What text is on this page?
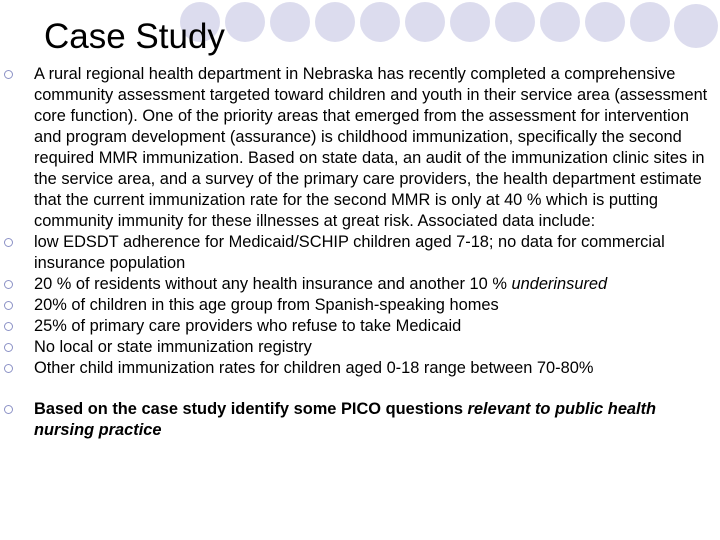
Case Study
A rural regional health department in Nebraska has recently completed a comprehensive community assessment targeted toward children and youth in their service area (assessment core function). One of the priority areas that emerged from the assessment for intervention and program development (assurance) is childhood immunization, specifically the second required MMR immunization. Based on state data, an audit of the immunization clinic sites in the service area, and a survey of the primary care providers, the health department estimate that the current immunization rate for the second MMR is only at 40 % which is putting community immunity for these illnesses at great risk. Associated data include:
low EDSDT adherence for Medicaid/SCHIP children aged 7-18; no data for commercial insurance population
20 % of residents without any health insurance and another 10 % underinsured
20% of children in this age group from Spanish-speaking homes
25% of primary care providers who refuse to take Medicaid
No local or state immunization registry
Other child immunization rates for children aged 0-18 range between 70-80%
Based on the case study identify some PICO questions relevant to public health nursing practice
